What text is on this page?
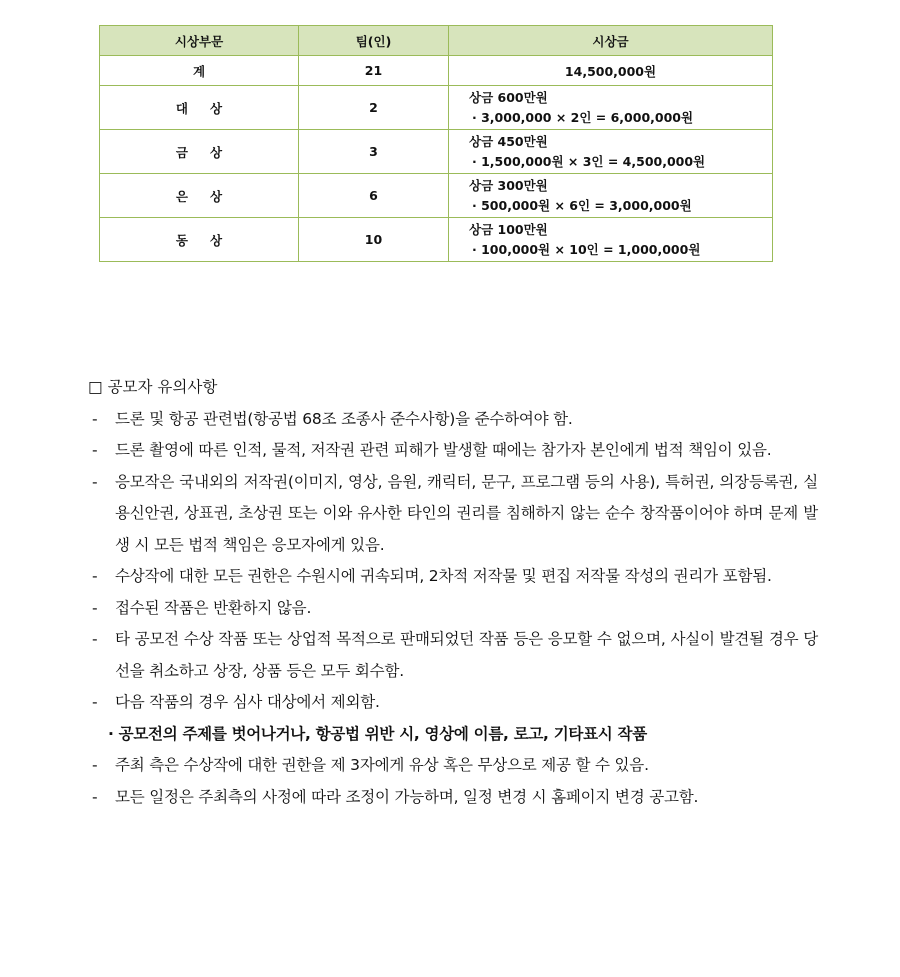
시상부문	팀(인)	시상금
계	21	14,500,000원
대 상	2	상금 600만원
· 3,000,000 × 2인 = 6,000,000원

금 상	3	상금 450만원
· 1,500,000원 × 3인 = 4,500,000원

은 상	6	상금 300만원
· 500,000원 × 6인 = 3,000,000원

동 상	10	상금 100만원
· 100,000원 × 10인 = 1,000,000원
□ 공모자 유의사항
-	드론 및 항공 관련법(항공법 68조 조종사 준수사항)을 준수하여야 함.
-	드론 촬영에 따른 인적, 물적, 저작권 관련 피해가 발생할 때에는 참가자 본인에게 법적 책임이 있음.
-	응모작은 국내외의 저작권(이미지, 영상, 음원, 캐릭터, 문구, 프로그램 등의 사용), 특허권, 의장등록권, 실용신안권, 상표권, 초상권 또는 이와 유사한 타인의 권리를 침해하지 않는 순수 창작품이어야 하며 문제 발생 시 모든 법적 책임은 응모자에게 있음.
-	수상작에 대한 모든 권한은 수원시에 귀속되며, 2차적 저작물 및 편집 저작물 작성의 권리가 포함됨.
-	접수된 작품은 반환하지 않음.
-	타 공모전 수상 작품 또는 상업적 목적으로 판매되었던 작품 등은 응모할 수 없으며, 사실이 발견될 경우 당선을 취소하고 상장, 상품 등은 모두 회수함.
-	다음 작품의 경우 심사 대상에서 제외함.
· 공모전의 주제를 벗어나거나, 항공법 위반 시, 영상에 이름, 로고, 기타표시 작품
-	주최 측은 수상작에 대한 권한을 제 3자에게 유상 혹은 무상으로 제공 할 수 있음.
-	모든 일정은 주최측의 사정에 따라 조정이 가능하며, 일정 변경 시 홈페이지 변경 공고함.
